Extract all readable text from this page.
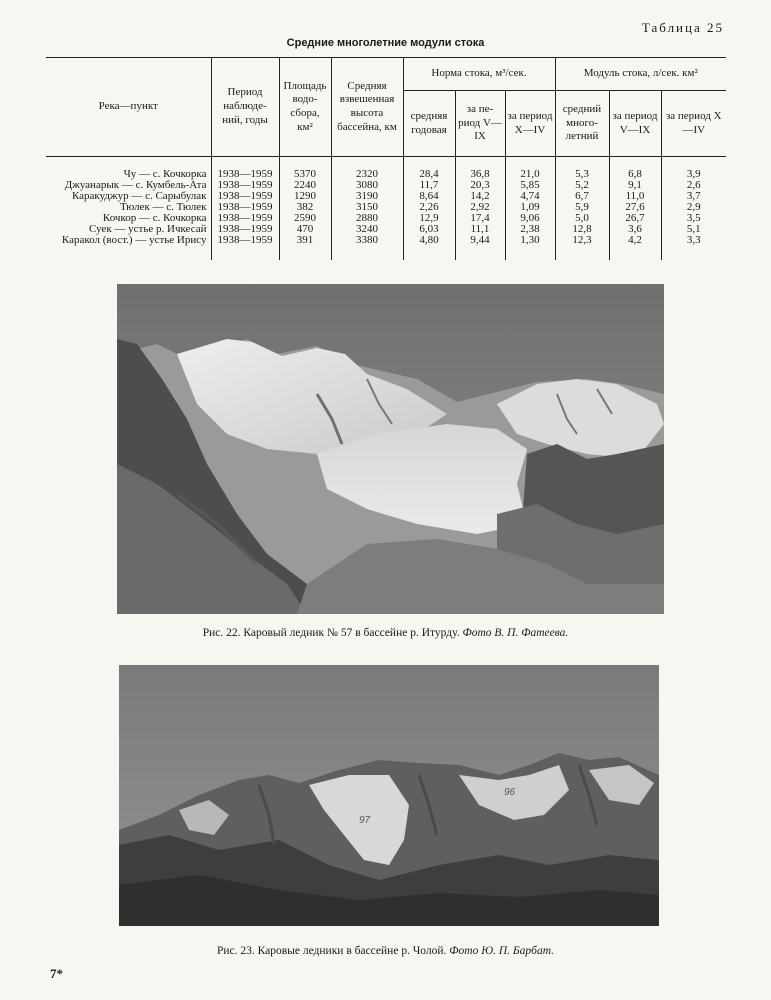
Таблица 25
Средние многолетние модули стока
Река—пункт	Период наблюде-ний, годы	Площадь водо-сбора, км²	Средняя взвешенная высота бассейна, км	Норма стока, м³/сек.			Модуль стока, л/сек. км²		
				средняя годовая	за пе-риод V—IX	за период X—IV	средний много-летний	за период V—IX	за период X—IV
Чу — с. Кочкорка	1938—1959	5370	2320	28,4	36,8	21,0	5,3	6,8	3,9
Джуанарык — с. Кумбель-Ата	1938—1959	2240	3080	11,7	20,3	5,85	5,2	9,1	2,6
Каракуджур — с. Сарыбулак	1938—1959	1290	3190	8,64	14,2	4,74	6,7	11,0	3,7
Тюлек — с. Тюлек	1938—1959	382	3150	2,26	2,92	1,09	5,9	27,6	2,9
Кочкор — с. Кочкорка	1938—1959	2590	2880	12,9	17,4	9,06	5,0	26,7	3,5
Суек — устье р. Ичкесай	1938—1959	470	3240	6,03	11,1	2,38	12,8	3,6	5,1
Каракол (вост.) — устье Ирису	1938—1959	391	3380	4,80	9,44	1,30	12,3	4,2	3,3
Рис. 22. Каровый ледник № 57 в бассейне р. Итурду. Фото В. П. Фатеева.
97
96
Рис. 23. Каровые ледники в бассейне р. Чолой. Фото Ю. П. Барбат.
7*
